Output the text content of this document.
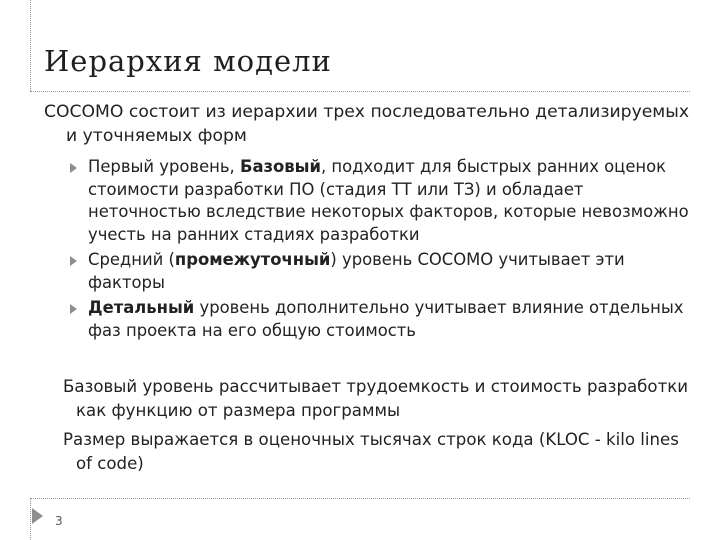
Иерархия модели

COCOMO состоит из иерархии трех последовательно детализируемых и уточняемых форм

Первый уровень, Базовый, подходит для быстрых ранних оценок стоимости разработки ПО (стадия ТТ или ТЗ) и обладает неточностью вследствие некоторых факторов, которые невозможно учесть на ранних стадиях разработки
Средний (промежуточный) уровень COCOMO учитывает эти факторы
Детальный уровень дополнительно учитывает влияние отдельных фаз проекта на его общую стоимость

Базовый уровень рассчитывает трудоемкость и стоимость разработки как функцию от размера программы

Размер выражается в оценочных тысячах строк кода (KLOC - kilo lines of code)

3
